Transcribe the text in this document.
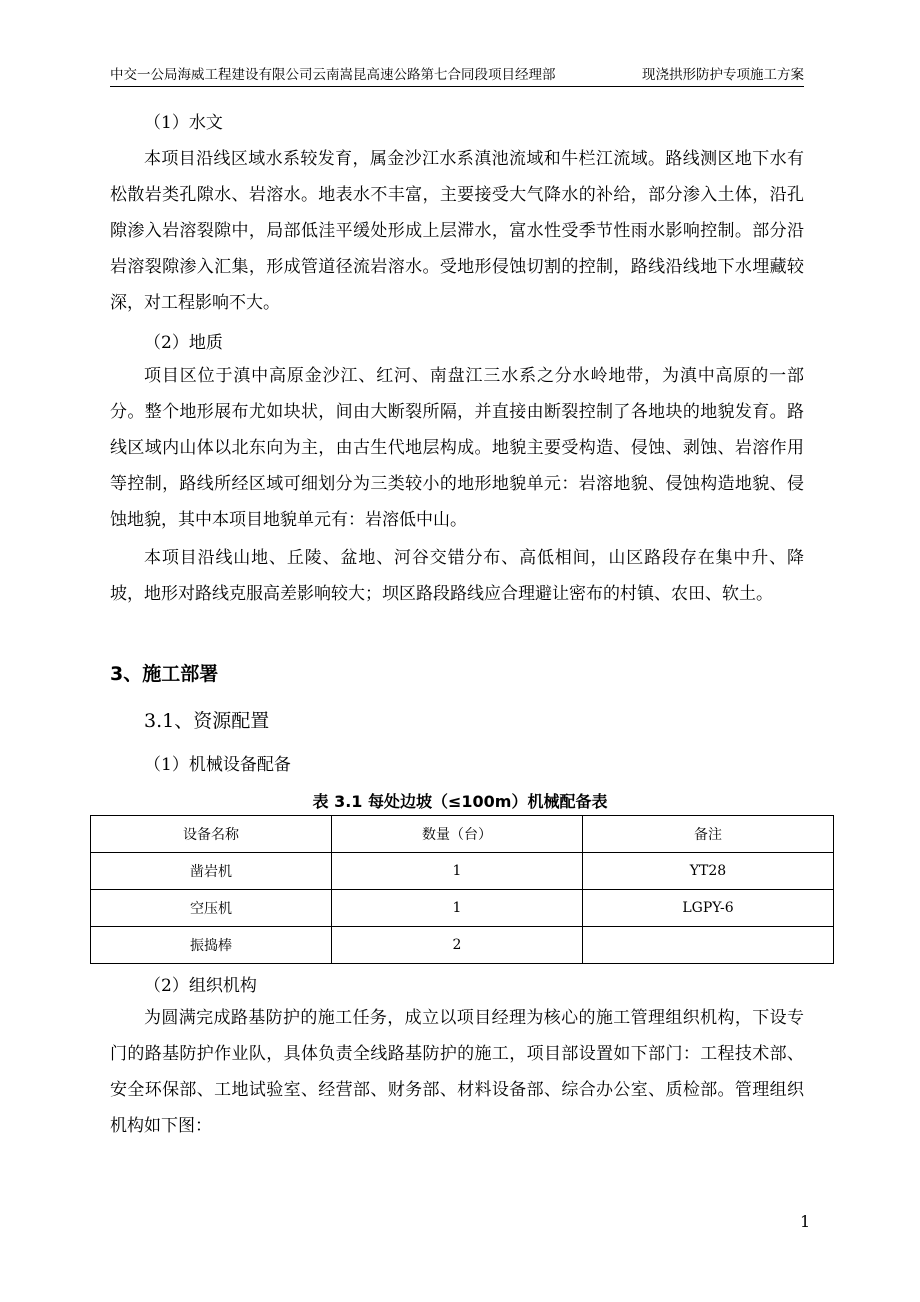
中交一公局海威工程建设有限公司云南嵩昆高速公路第七合同段项目经理部	现浇拱形防护专项施工方案
（1）水文
本项目沿线区域水系较发育，属金沙江水系滇池流域和牛栏江流域。路线测区地下水有松散岩类孔隙水、岩溶水。地表水不丰富，主要接受大气降水的补给，部分渗入土体，沿孔隙渗入岩溶裂隙中，局部低洼平缓处形成上层滞水，富水性受季节性雨水影响控制。部分沿岩溶裂隙渗入汇集，形成管道径流岩溶水。受地形侵蚀切割的控制，路线沿线地下水埋藏较深，对工程影响不大。
（2）地质
项目区位于滇中高原金沙江、红河、南盘江三水系之分水岭地带，为滇中高原的一部分。整个地形展布尤如块状，间由大断裂所隔，并直接由断裂控制了各地块的地貌发育。路线区域内山体以北东向为主，由古生代地层构成。地貌主要受构造、侵蚀、剥蚀、岩溶作用等控制，路线所经区域可细划分为三类较小的地形地貌单元：岩溶地貌、侵蚀构造地貌、侵蚀地貌，其中本项目地貌单元有：岩溶低中山。
本项目沿线山地、丘陵、盆地、河谷交错分布、高低相间，山区路段存在集中升、降坡，地形对路线克服高差影响较大；坝区路段路线应合理避让密布的村镇、农田、软土。
3、施工部署
3.1、资源配置
（1）机械设备配备
表 3.1 每处边坡（≤100m）机械配备表
设备名称	数量（台）	备注
凿岩机	1	YT28
空压机	1	LGPY-6
振捣棒	2	
（2）组织机构
为圆满完成路基防护的施工任务，成立以项目经理为核心的施工管理组织机构，下设专门的路基防护作业队，具体负责全线路基防护的施工，项目部设置如下部门：工程技术部、安全环保部、工地试验室、经营部、财务部、材料设备部、综合办公室、质检部。管理组织机构如下图：
1
